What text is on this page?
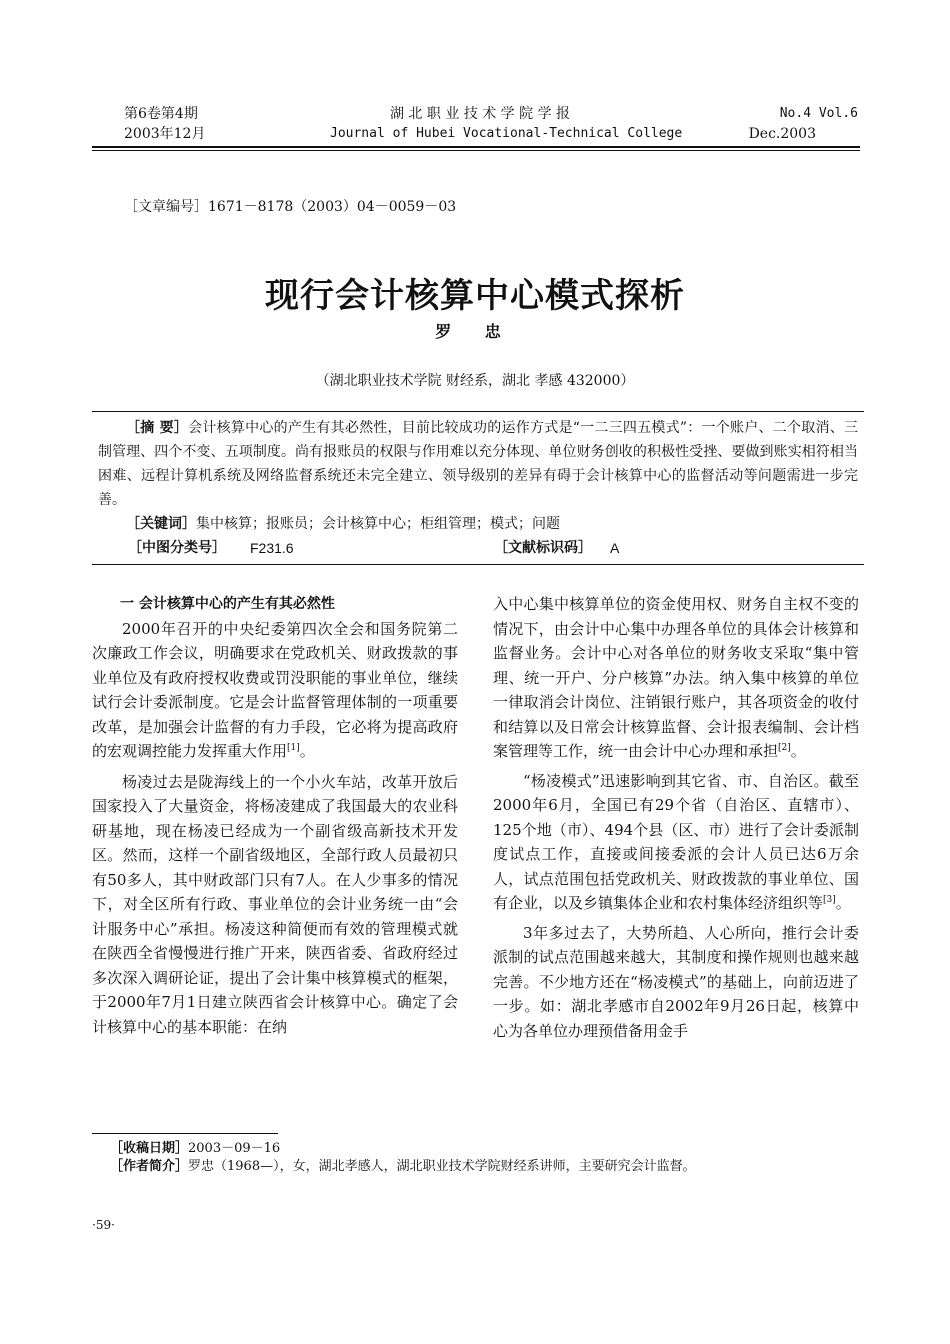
第6卷第4期
2003年12月
湖 北 职 业 技 术 学 院 学 报
Journal of Hubei Vocational-Technical College
No.4 Vol.6
Dec.2003
［文章编号］1671－8178（2003）04－0059－03
现行会计核算中心模式探析
罗 忠
（湖北职业技术学院 财经系，湖北 孝感 432000）
［摘 要］会计核算中心的产生有其必然性，目前比较成功的运作方式是“一二三四五模式”：一个账户、二个取消、三制管理、四个不变、五项制度。尚有报账员的权限与作用难以充分体现、单位财务创收的积极性受挫、要做到账实相符相当困难、远程计算机系统及网络监督系统还未完全建立、领导级别的差异有碍于会计核算中心的监督活动等问题需进一步完善。
［关键词］集中核算；报账员；会计核算中心；柜组管理；模式；问题
［中图分类号］ F231.6	［文献标识码］ A

一 会计核算中心的产生有其必然性

2000年召开的中央纪委第四次全会和国务院第二次廉政工作会议，明确要求在党政机关、财政拨款的事业单位及有政府授权收费或罚没职能的事业单位，继续试行会计委派制度。它是会计监督管理体制的一项重要改革，是加强会计监督的有力手段，它必将为提高政府的宏观调控能力发挥重大作用[1]。

杨凌过去是陇海线上的一个小火车站，改革开放后国家投入了大量资金，将杨凌建成了我国最大的农业科研基地，现在杨凌已经成为一个副省级高新技术开发区。然而，这样一个副省级地区，全部行政人员最初只有50多人，其中财政部门只有7人。在人少事多的情况下，对全区所有行政、事业单位的会计业务统一由“会计服务中心”承担。杨凌这种简便而有效的管理模式就在陕西全省慢慢进行推广开来，陕西省委、省政府经过多次深入调研论证，提出了会计集中核算模式的框架，于2000年7月1日建立陕西省会计核算中心。确定了会计核算中心的基本职能：在纳

入中心集中核算单位的资金使用权、财务自主权不变的情况下，由会计中心集中办理各单位的具体会计核算和监督业务。会计中心对各单位的财务收支采取“集中管理、统一开户、分户核算”办法。纳入集中核算的单位一律取消会计岗位、注销银行账户，其各项资金的收付和结算以及日常会计核算监督、会计报表编制、会计档案管理等工作，统一由会计中心办理和承担[2]。

“杨凌模式”迅速影响到其它省、市、自治区。截至2000年6月，全国已有29个省（自治区、直辖市）、125个地（市）、494个县（区、市）进行了会计委派制度试点工作，直接或间接委派的会计人员已达6万余人，试点范围包括党政机关、财政拨款的事业单位、国有企业，以及乡镇集体企业和农村集体经济组织等[3]。

3年多过去了，大势所趋、人心所向，推行会计委派制的试点范围越来越大，其制度和操作规则也越来越完善。不少地方还在“杨凌模式”的基础上，向前迈进了一步。如：湖北孝感市自2002年9月26日起，核算中心为各单位办理预借备用金手

［收稿日期］2003－09－16
［作者简介］罗忠（1968—），女，湖北孝感人，湖北职业技术学院财经系讲师，主要研究会计监督。
·59·
